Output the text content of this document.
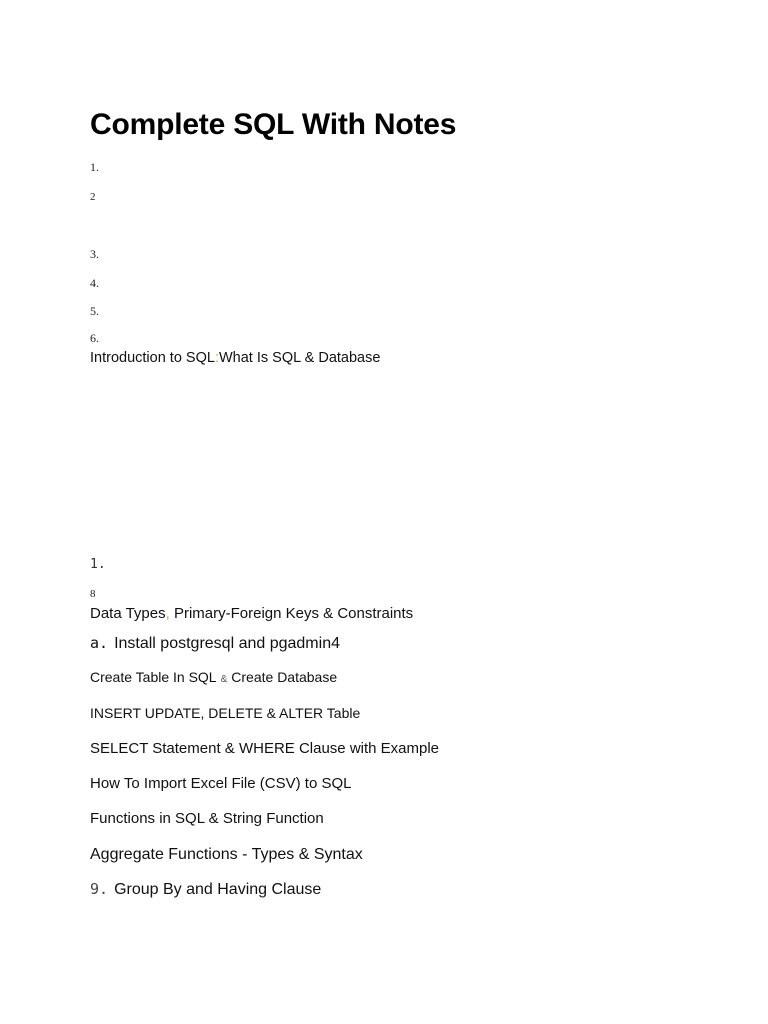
Complete SQL With Notes
1.
2
3.
4.
5.
6.
Introduction to SQL:What Is SQL & Database
1.
8
Data Types, Primary-Foreign Keys & Constraints
a. Install postgresql and pgadmin4
Create Table In SQL & Create Database
INSERT UPDATE, DELETE & ALTER Table
SELECT Statement & WHERE Clause with Example
How To Import Excel File (CSV) to SQL
Functions in SQL & String Function
Aggregate Functions - Types & Syntax
9. Group By and Having Clause
